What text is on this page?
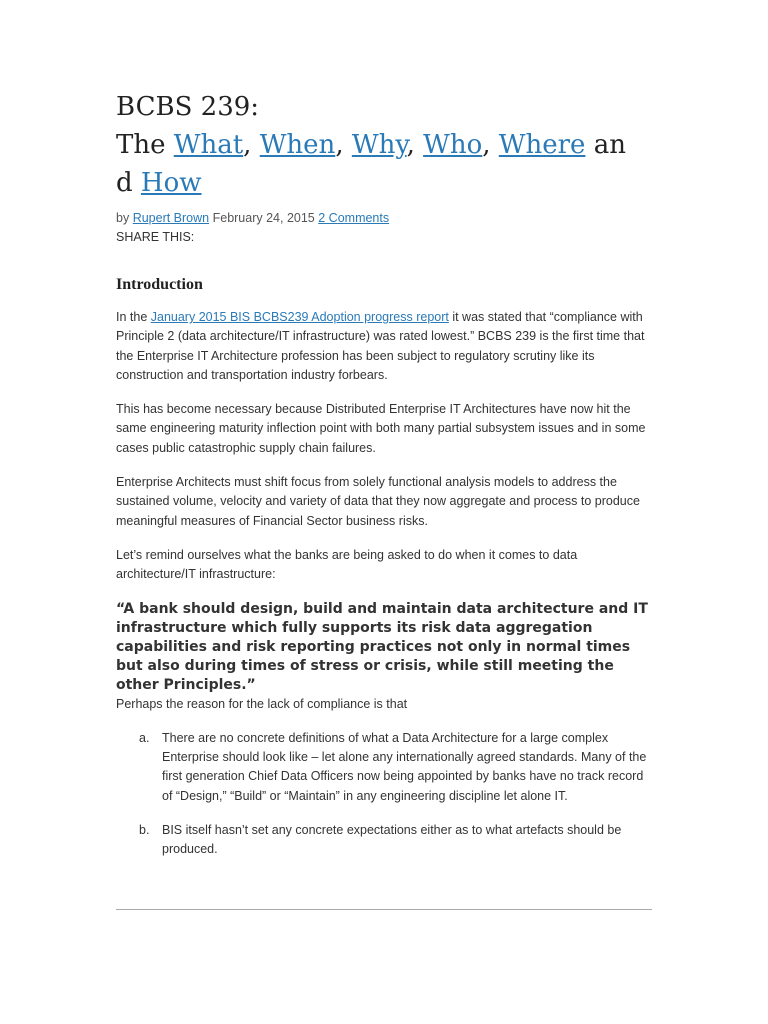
BCBS 239:
The What, When, Why, Who, Where an
d How
by Rupert Brown February 24, 2015 2 Comments
SHARE THIS:
Introduction

In the January 2015 BIS BCBS239 Adoption progress report it was stated that “compliance with Principle 2 (data architecture/IT infrastructure) was rated lowest.” BCBS 239 is the first time that the Enterprise IT Architecture profession has been subject to regulatory scrutiny like its construction and transportation industry forbears.

This has become necessary because Distributed Enterprise IT Architectures have now hit the same engineering maturity inflection point with both many partial subsystem issues and in some cases public catastrophic supply chain failures.

Enterprise Architects must shift focus from solely functional analysis models to address the sustained volume, velocity and variety of data that they now aggregate and process to produce meaningful measures of Financial Sector business risks.

Let’s remind ourselves what the banks are being asked to do when it comes to data architecture/IT infrastructure:

“A bank should design, build and maintain data architecture and IT infrastructure which fully supports its risk data aggregation capabilities and risk reporting practices not only in normal times but also during times of stress or crisis, while still meeting the other Principles.”

Perhaps the reason for the lack of compliance is that

a. There are no concrete definitions of what a Data Architecture for a large complex Enterprise should look like – let alone any internationally agreed standards. Many of the first generation Chief Data Officers now being appointed by banks have no track record of “Design,” “Build” or “Maintain” in any engineering discipline let alone IT.
b. BIS itself hasn’t set any concrete expectations either as to what artefacts should be produced.
